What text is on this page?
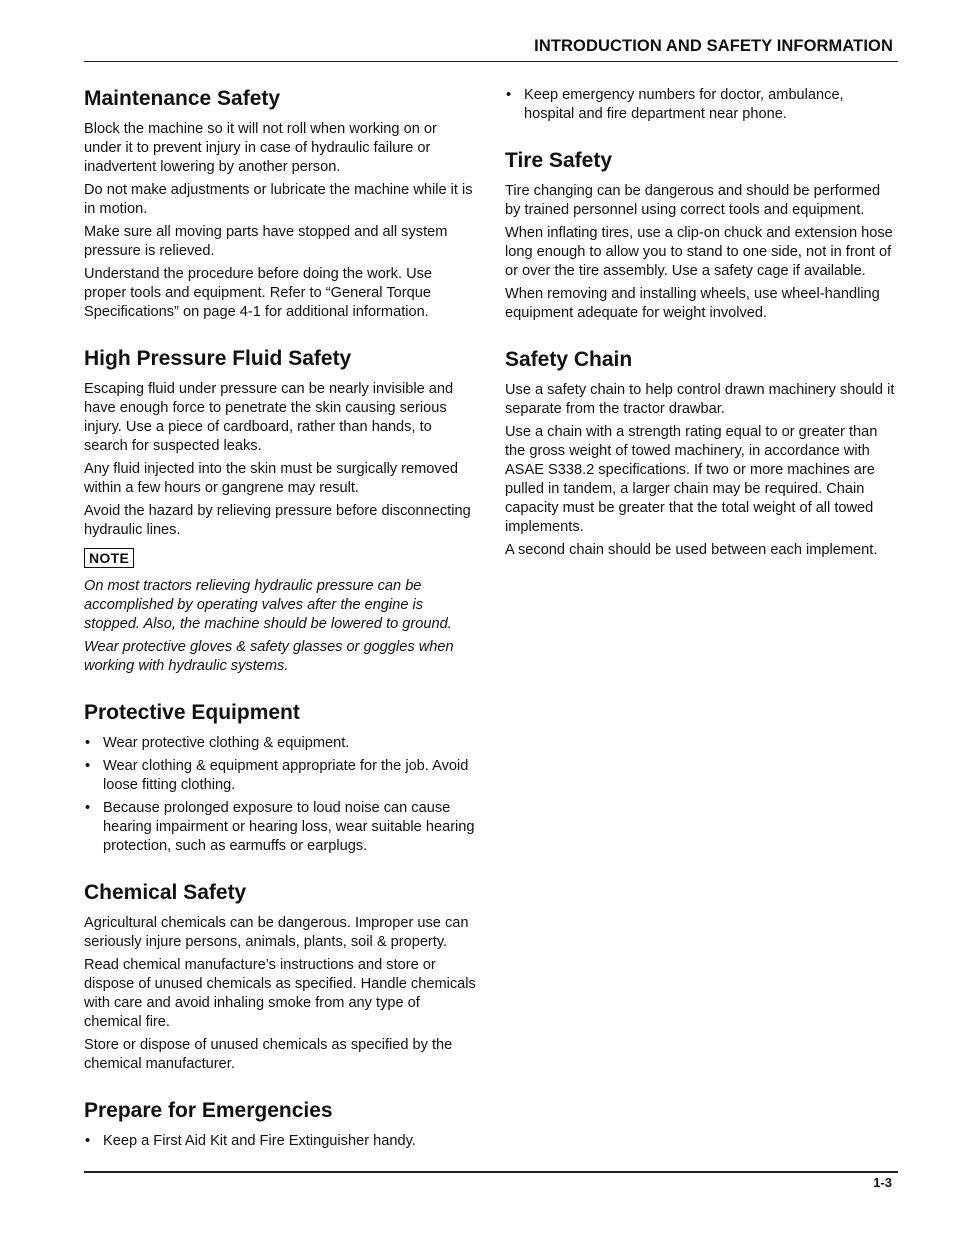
INTRODUCTION AND SAFETY INFORMATION
Maintenance Safety

Block the machine so it will not roll when working on or under it to prevent injury in case of hydraulic failure or inadvertent lowering by another person.

Do not make adjustments or lubricate the machine while it is in motion.

Make sure all moving parts have stopped and all system pressure is relieved.

Understand the procedure before doing the work. Use proper tools and equipment. Refer to “General Torque Specifications” on page 4-1 for additional information.

High Pressure Fluid Safety

Escaping fluid under pressure can be nearly invisible and have enough force to penetrate the skin causing serious injury. Use a piece of cardboard, rather than hands, to search for suspected leaks.

Any fluid injected into the skin must be surgically removed within a few hours or gangrene may result.

Avoid the hazard by relieving pressure before disconnecting hydraulic lines.

NOTE

On most tractors relieving hydraulic pressure can be accomplished by operating valves after the engine is stopped. Also, the machine should be lowered to ground.

Wear protective gloves & safety glasses or goggles when working with hydraulic systems.

Protective Equipment
• Wear protective clothing & equipment.
• Wear clothing & equipment appropriate for the job. Avoid loose fitting clothing.
• Because prolonged exposure to loud noise can cause hearing impairment or hearing loss, wear suitable hearing protection, such as earmuffs or earplugs.
Chemical Safety

Agricultural chemicals can be dangerous. Improper use can seriously injure persons, animals, plants, soil & property.

Read chemical manufacture’s instructions and store or dispose of unused chemicals as specified. Handle chemicals with care and avoid inhaling smoke from any type of chemical fire.

Store or dispose of unused chemicals as specified by the chemical manufacturer.

Prepare for Emergencies
• Keep a First Aid Kit and Fire Extinguisher handy.
• Keep emergency numbers for doctor, ambulance, hospital and fire department near phone.
Tire Safety

Tire changing can be dangerous and should be performed by trained personnel using correct tools and equipment.

When inflating tires, use a clip-on chuck and extension hose long enough to allow you to stand to one side, not in front of or over the tire assembly. Use a safety cage if available.

When removing and installing wheels, use wheel-handling equipment adequate for weight involved.

Safety Chain

Use a safety chain to help control drawn machinery should it separate from the tractor drawbar.

Use a chain with a strength rating equal to or greater than the gross weight of towed machinery, in accordance with ASAE S338.2 specifications. If two or more machines are pulled in tandem, a larger chain may be required. Chain capacity must be greater that the total weight of all towed implements.

A second chain should be used between each implement.

1-3
